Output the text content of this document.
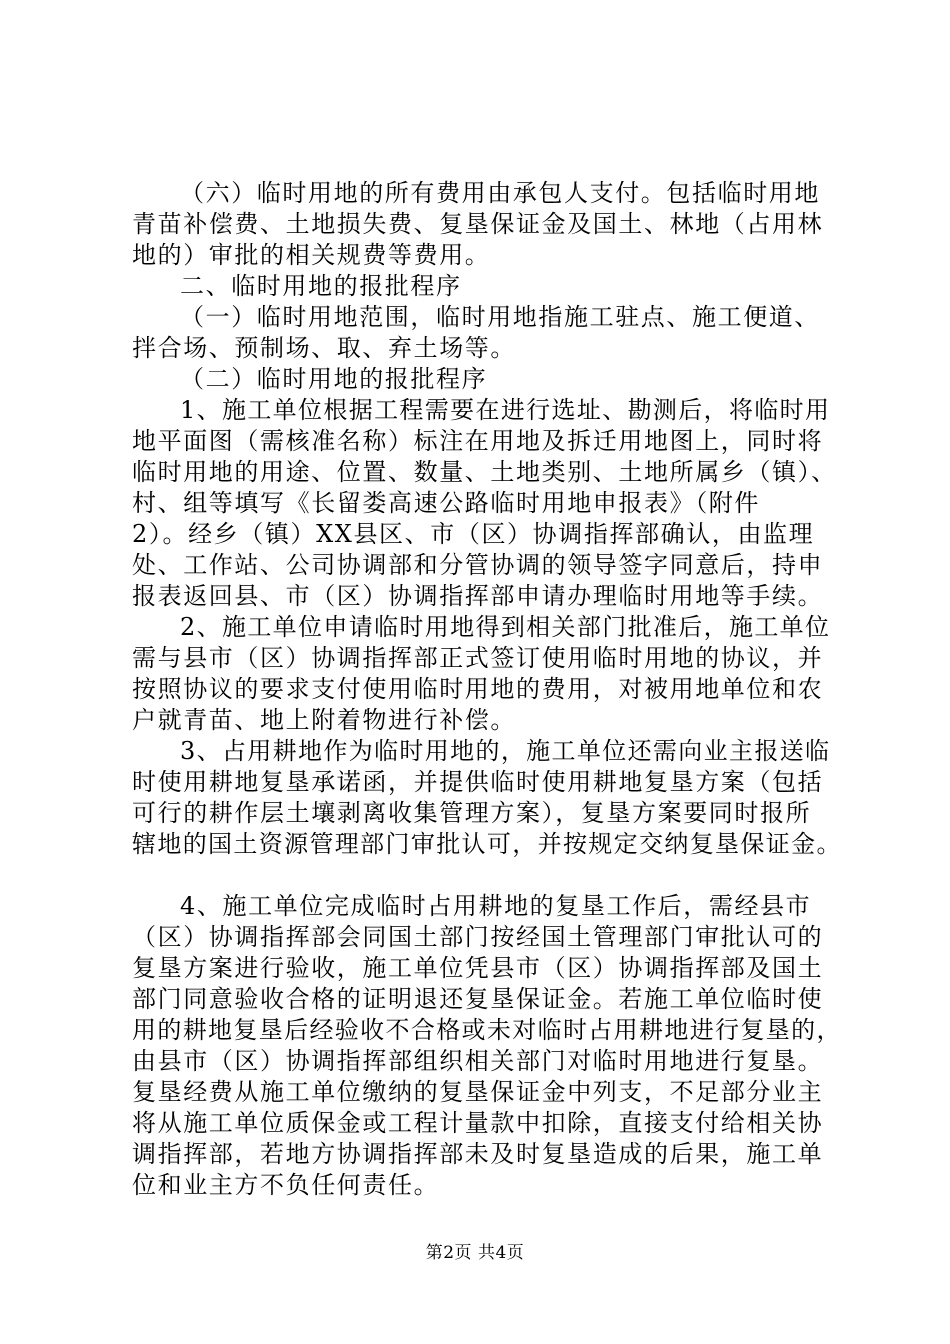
（六）临时用地的所有费用由承包人支付。包括临时用地
青苗补偿费、土地损失费、复垦保证金及国土、林地（占用林
地的）审批的相关规费等费用。
二、临时用地的报批程序
（一）临时用地范围，临时用地指施工驻点、施工便道、
拌合场、预制场、取、弃土场等。
（二）临时用地的报批程序
1、施工单位根据工程需要在进行选址、勘测后，将临时用
地平面图（需核准名称）标注在用地及拆迁用地图上，同时将
临时用地的用途、位置、数量、土地类别、土地所属乡（镇）、
村、组等填写《长留娄高速公路临时用地申报表》（附件
2）。经乡（镇）XX县区、市（区）协调指挥部确认，由监理
处、工作站、公司协调部和分管协调的领导签字同意后，持申
报表返回县、市（区）协调指挥部申请办理临时用地等手续。
2、施工单位申请临时用地得到相关部门批准后，施工单位
需与县市（区）协调指挥部正式签订使用临时用地的协议，并
按照协议的要求支付使用临时用地的费用，对被用地单位和农
户就青苗、地上附着物进行补偿。
3、占用耕地作为临时用地的，施工单位还需向业主报送临
时使用耕地复垦承诺函，并提供临时使用耕地复垦方案（包括
可行的耕作层土壤剥离收集管理方案），复垦方案要同时报所
辖地的国土资源管理部门审批认可，并按规定交纳复垦保证金。
4、施工单位完成临时占用耕地的复垦工作后，需经县市
（区）协调指挥部会同国土部门按经国土管理部门审批认可的
复垦方案进行验收，施工单位凭县市（区）协调指挥部及国土
部门同意验收合格的证明退还复垦保证金。若施工单位临时使
用的耕地复垦后经验收不合格或未对临时占用耕地进行复垦的，
由县市（区）协调指挥部组织相关部门对临时用地进行复垦。
复垦经费从施工单位缴纳的复垦保证金中列支，不足部分业主
将从施工单位质保金或工程计量款中扣除，直接支付给相关协
调指挥部，若地方协调指挥部未及时复垦造成的后果，施工单
位和业主方不负任何责任。
第2页 共4页
